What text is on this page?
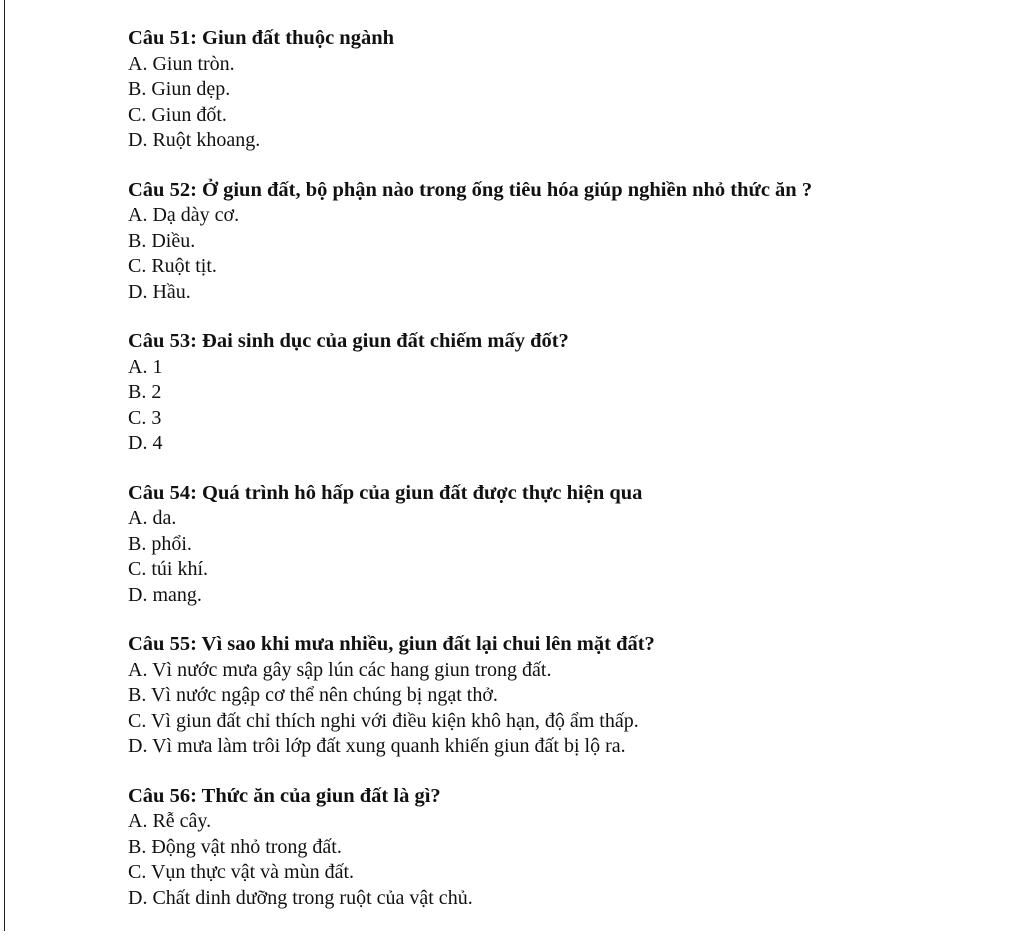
Câu 51: Giun đất thuộc ngành
A. Giun tròn.
B. Giun dẹp.
C. Giun đốt.
D. Ruột khoang.
Câu 52: Ở giun đất, bộ phận nào trong ống tiêu hóa giúp nghiền nhỏ thức ăn ?
A. Dạ dày cơ.
B. Diều.
C. Ruột tịt.
D. Hầu.
Câu 53: Đai sinh dục của giun đất chiếm mấy đốt?
A. 1
B. 2
C. 3
D. 4
Câu 54: Quá trình hô hấp của giun đất được thực hiện qua
A. da.
B. phổi.
C. túi khí.
D. mang.
Câu 55: Vì sao khi mưa nhiều, giun đất lại chui lên mặt đất?
A. Vì nước mưa gây sập lún các hang giun trong đất.
B. Vì nước ngập cơ thể nên chúng bị ngạt thở.
C. Vì giun đất chỉ thích nghi với điều kiện khô hạn, độ ẩm thấp.
D. Vì mưa làm trôi lớp đất xung quanh khiến giun đất bị lộ ra.
Câu 56: Thức ăn của giun đất là gì?
A. Rễ cây.
B. Động vật nhỏ trong đất.
C. Vụn thực vật và mùn đất.
D. Chất dinh dưỡng trong ruột của vật chủ.
